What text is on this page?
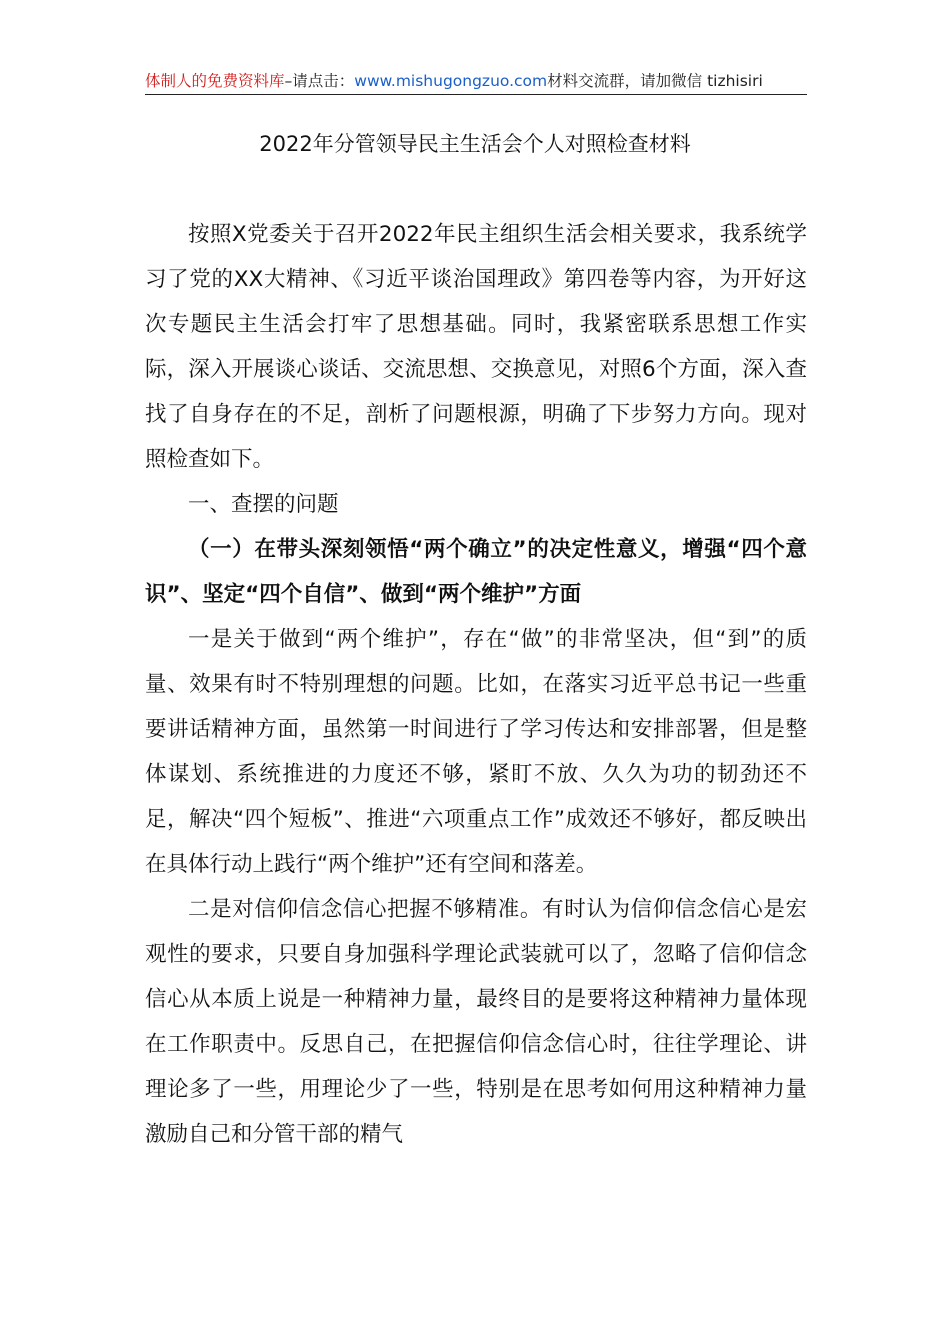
体制人的免费资料库–请点击：www.mishugongzuo.com材料交流群，请加微信 tizhisiri
2022年分管领导民主生活会个人对照检查材料

按照X党委关于召开2022年民主组织生活会相关要求，我系统学习了党的XX大精神、《习近平谈治国理政》第四卷等内容，为开好这次专题民主生活会打牢了思想基础。同时，我紧密联系思想工作实际，深入开展谈心谈话、交流思想、交换意见，对照6个方面，深入查找了自身存在的不足，剖析了问题根源，明确了下步努力方向。现对照检查如下。

一、查摆的问题

（一）在带头深刻领悟“两个确立”的决定性意义，增强“四个意识”、坚定“四个自信”、做到“两个维护”方面

一是关于做到“两个维护”，存在“做”的非常坚决，但“到”的质量、效果有时不特别理想的问题。比如，在落实习近平总书记一些重要讲话精神方面，虽然第一时间进行了学习传达和安排部署，但是整体谋划、系统推进的力度还不够，紧盯不放、久久为功的韧劲还不足，解决“四个短板”、推进“六项重点工作”成效还不够好，都反映出在具体行动上践行“两个维护”还有空间和落差。

二是对信仰信念信心把握不够精准。有时认为信仰信念信心是宏观性的要求，只要自身加强科学理论武装就可以了，忽略了信仰信念信心从本质上说是一种精神力量，最终目的是要将这种精神力量体现在工作职责中。反思自己，在把握信仰信念信心时，往往学理论、讲理论多了一些，用理论少了一些，特别是在思考如何用这种精神力量激励自己和分管干部的精气
